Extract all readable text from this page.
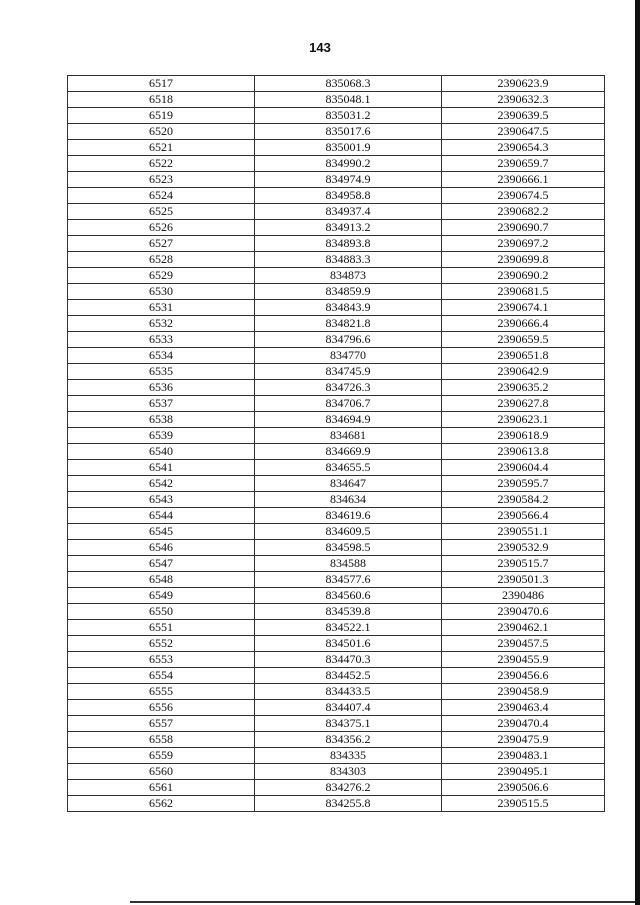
143
6517	835068.3	2390623.9
6518	835048.1	2390632.3
6519	835031.2	2390639.5
6520	835017.6	2390647.5
6521	835001.9	2390654.3
6522	834990.2	2390659.7
6523	834974.9	2390666.1
6524	834958.8	2390674.5
6525	834937.4	2390682.2
6526	834913.2	2390690.7
6527	834893.8	2390697.2
6528	834883.3	2390699.8
6529	834873	2390690.2
6530	834859.9	2390681.5
6531	834843.9	2390674.1
6532	834821.8	2390666.4
6533	834796.6	2390659.5
6534	834770	2390651.8
6535	834745.9	2390642.9
6536	834726.3	2390635.2
6537	834706.7	2390627.8
6538	834694.9	2390623.1
6539	834681	2390618.9
6540	834669.9	2390613.8
6541	834655.5	2390604.4
6542	834647	2390595.7
6543	834634	2390584.2
6544	834619.6	2390566.4
6545	834609.5	2390551.1
6546	834598.5	2390532.9
6547	834588	2390515.7
6548	834577.6	2390501.3
6549	834560.6	2390486
6550	834539.8	2390470.6
6551	834522.1	2390462.1
6552	834501.6	2390457.5
6553	834470.3	2390455.9
6554	834452.5	2390456.6
6555	834433.5	2390458.9
6556	834407.4	2390463.4
6557	834375.1	2390470.4
6558	834356.2	2390475.9
6559	834335	2390483.1
6560	834303	2390495.1
6561	834276.2	2390506.6
6562	834255.8	2390515.5
